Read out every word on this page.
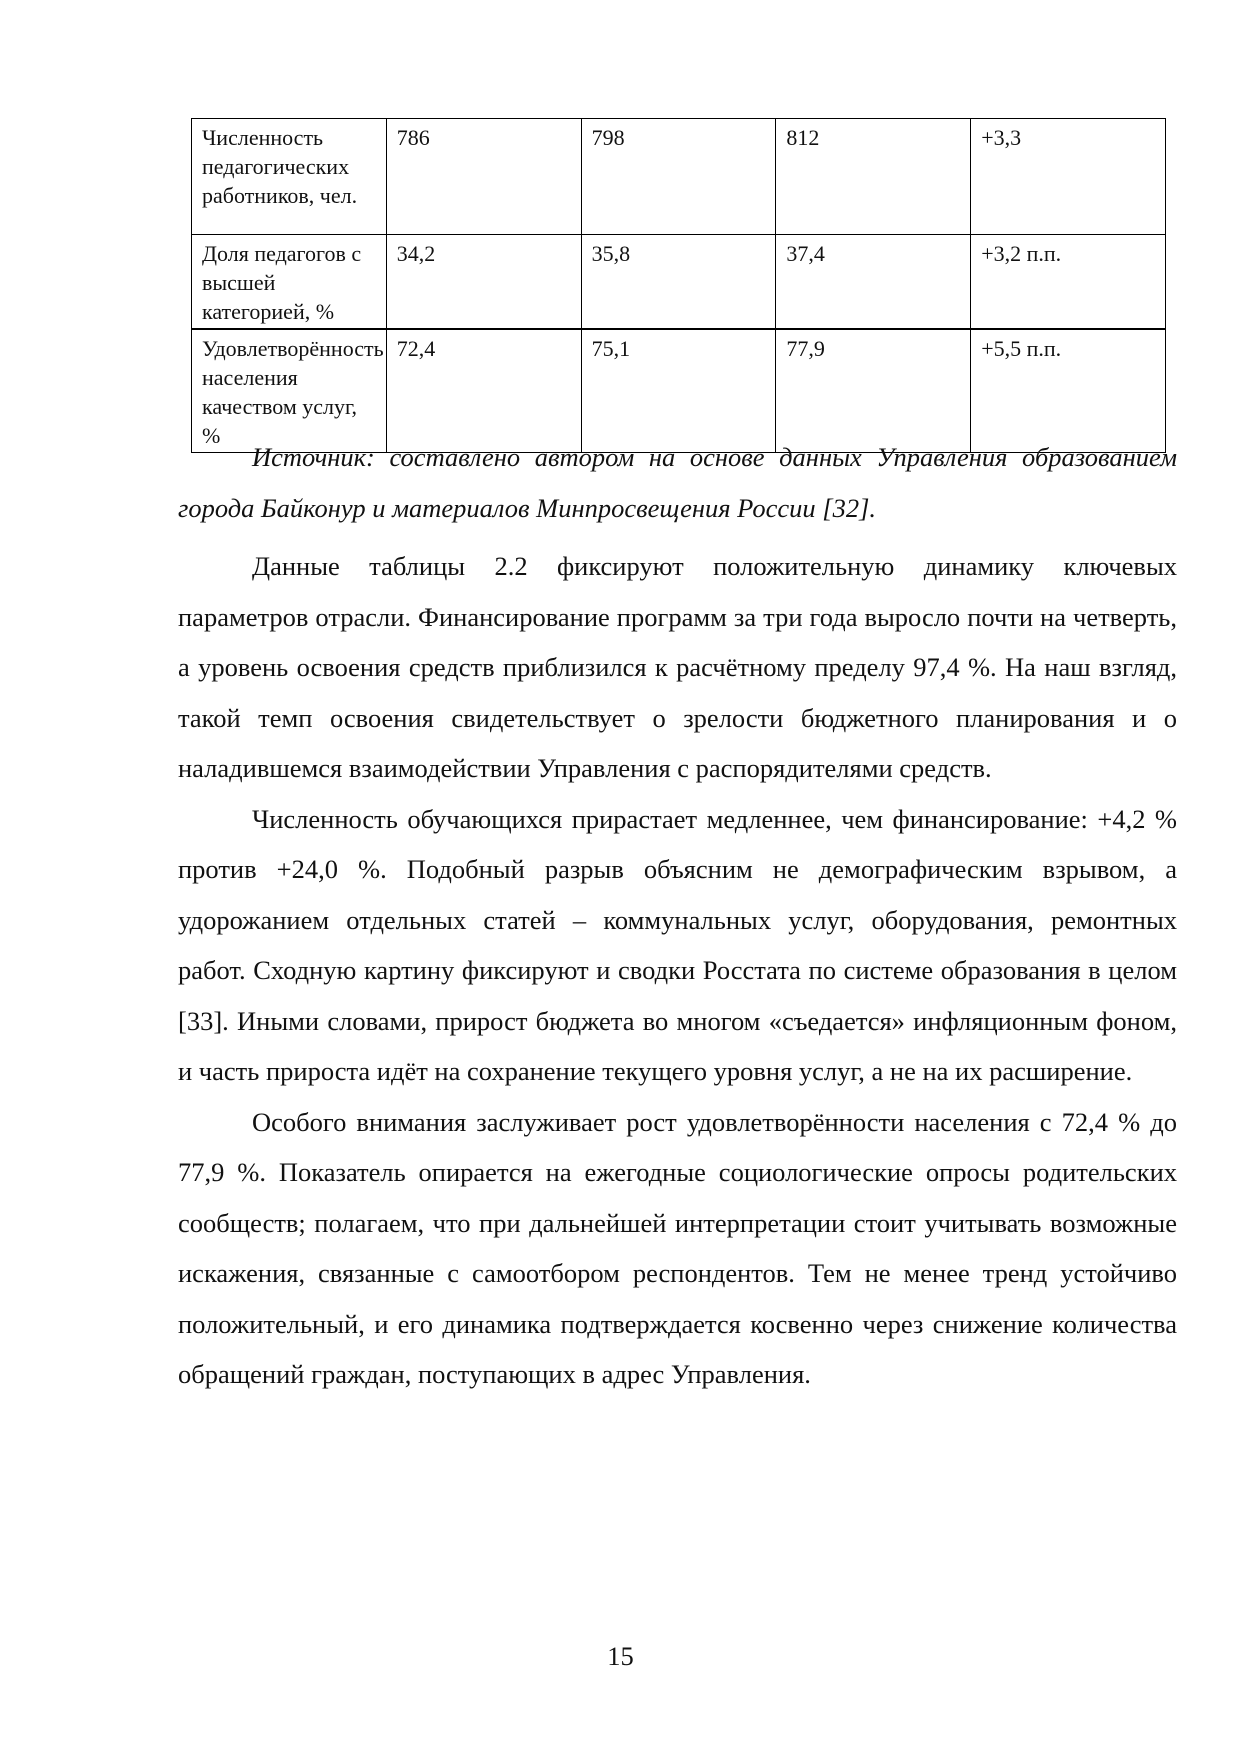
Численность педагогических работников, чел.	786	798	812	+3,3
Доля педагогов с высшей категорией, %	34,2	35,8	37,4	+3,2 п.п.
Удовлетворённость населения качеством услуг, %	72,4	75,1	77,9	+5,5 п.п.

Источник: составлено автором на основе данных Управления образованием города Байконур и материалов Минпросвещения России [32].

Данные таблицы 2.2 фиксируют положительную динамику ключевых параметров отрасли. Финансирование программ за три года выросло почти на четверть, а уровень освоения средств приблизился к расчётному пределу 97,4 %. На наш взгляд, такой темп освоения свидетельствует о зрелости бюджетного планирования и о наладившемся взаимодействии Управления с распорядителями средств.

Численность обучающихся прирастает медленнее, чем финансирование: +4,2 % против +24,0 %. Подобный разрыв объясним не демографическим взрывом, а удорожанием отдельных статей – коммунальных услуг, оборудования, ремонтных работ. Сходную картину фиксируют и сводки Росстата по системе образования в целом [33]. Иными словами, прирост бюджета во многом «съедается» инфляционным фоном, и часть прироста идёт на сохранение текущего уровня услуг, а не на их расширение.

Особого внимания заслуживает рост удовлетворённости населения с 72,4 % до 77,9 %. Показатель опирается на ежегодные социологические опросы родительских сообществ; полагаем, что при дальнейшей интерпретации стоит учитывать возможные искажения, связанные с самоотбором респондентов. Тем не менее тренд устойчиво положительный, и его динамика подтверждается косвенно через снижение количества обращений граждан, поступающих в адрес Управления.

15
